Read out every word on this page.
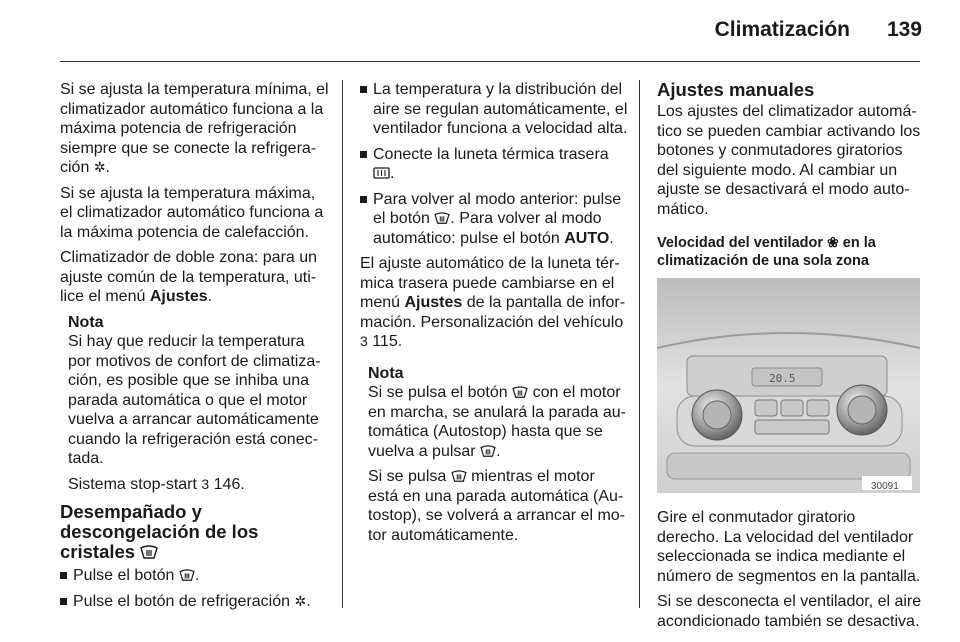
Climatización 139

Si se ajusta la temperatura mínima, el climatizador automático funciona a la máxima potencia de refrigeración siempre que se conecte la refrigeración ✲.

Si se ajusta la temperatura máxima, el climatizador automático funciona a la máxima potencia de calefacción.

Climatizador de doble zona: para un ajuste común de la temperatura, utilice el menú Ajustes.

Nota

Si hay que reducir la temperatura por motivos de confort de climatización, es posible que se inhiba una parada automática o que el motor vuelva a arrancar automáticamente cuando la refrigeración está conectada.

Sistema stop-start 3 146.

Desempañado y descongelación de los cristales
Pulse el botón .
Pulse el botón de refrigeración ✲.
La temperatura y la distribución del aire se regulan automáticamente, el ventilador funciona a velocidad alta.
Conecte la luneta térmica trasera .
Para volver al modo anterior: pulse el botón . Para volver al modo automático: pulse el botón AUTO.

El ajuste automático de la luneta térmica trasera puede cambiarse en el menú Ajustes de la pantalla de información. Personalización del vehículo 3 115.

Nota

Si se pulsa el botón con el motor en marcha, se anulará la parada automática (Autostop) hasta que se vuelva a pulsar .

Si se pulsa mientras el motor está en una parada automática (Autostop), se volverá a arrancar el motor automáticamente.

Ajustes manuales

Los ajustes del climatizador automático se pueden cambiar activando los botones y conmutadores giratorios del siguiente modo. Al cambiar un ajuste se desactivará el modo automático.

Velocidad del ventilador ❀ en la climatización de una sola zona
20.5
30091

Gire el conmutador giratorio derecho. La velocidad del ventilador seleccionada se indica mediante el número de segmentos en la pantalla.

Si se desconecta el ventilador, el aire acondicionado también se desactiva.
